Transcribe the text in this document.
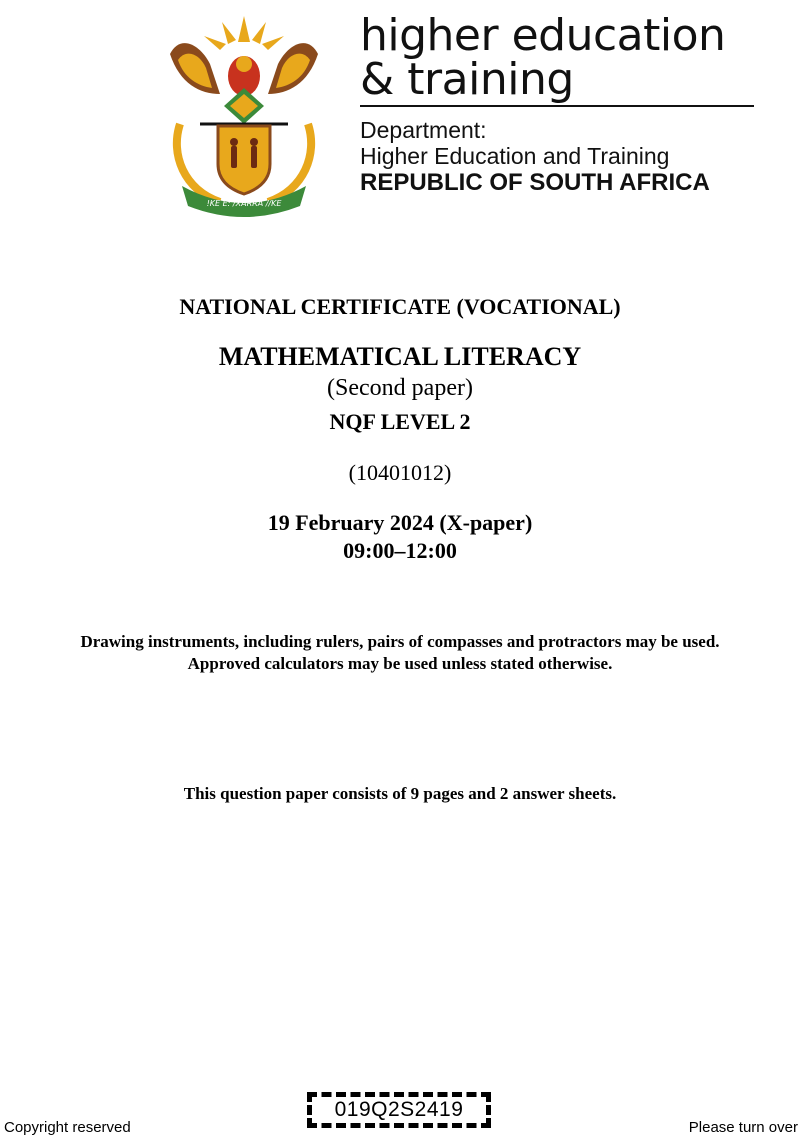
!KE E: /XARRA //KE
higher education
& training
Department:
Higher Education and Training
REPUBLIC OF SOUTH AFRICA
NATIONAL CERTIFICATE (VOCATIONAL)
MATHEMATICAL LITERACY
(Second paper)
NQF LEVEL 2
(10401012)
19 February 2024 (X-paper)
09:00–12:00
Drawing instruments, including rulers, pairs of compasses and protractors may be used.
Approved calculators may be used unless stated otherwise.
This question paper consists of 9 pages and 2 answer sheets.
Copyright reserved
019Q2S2419
Please turn over
